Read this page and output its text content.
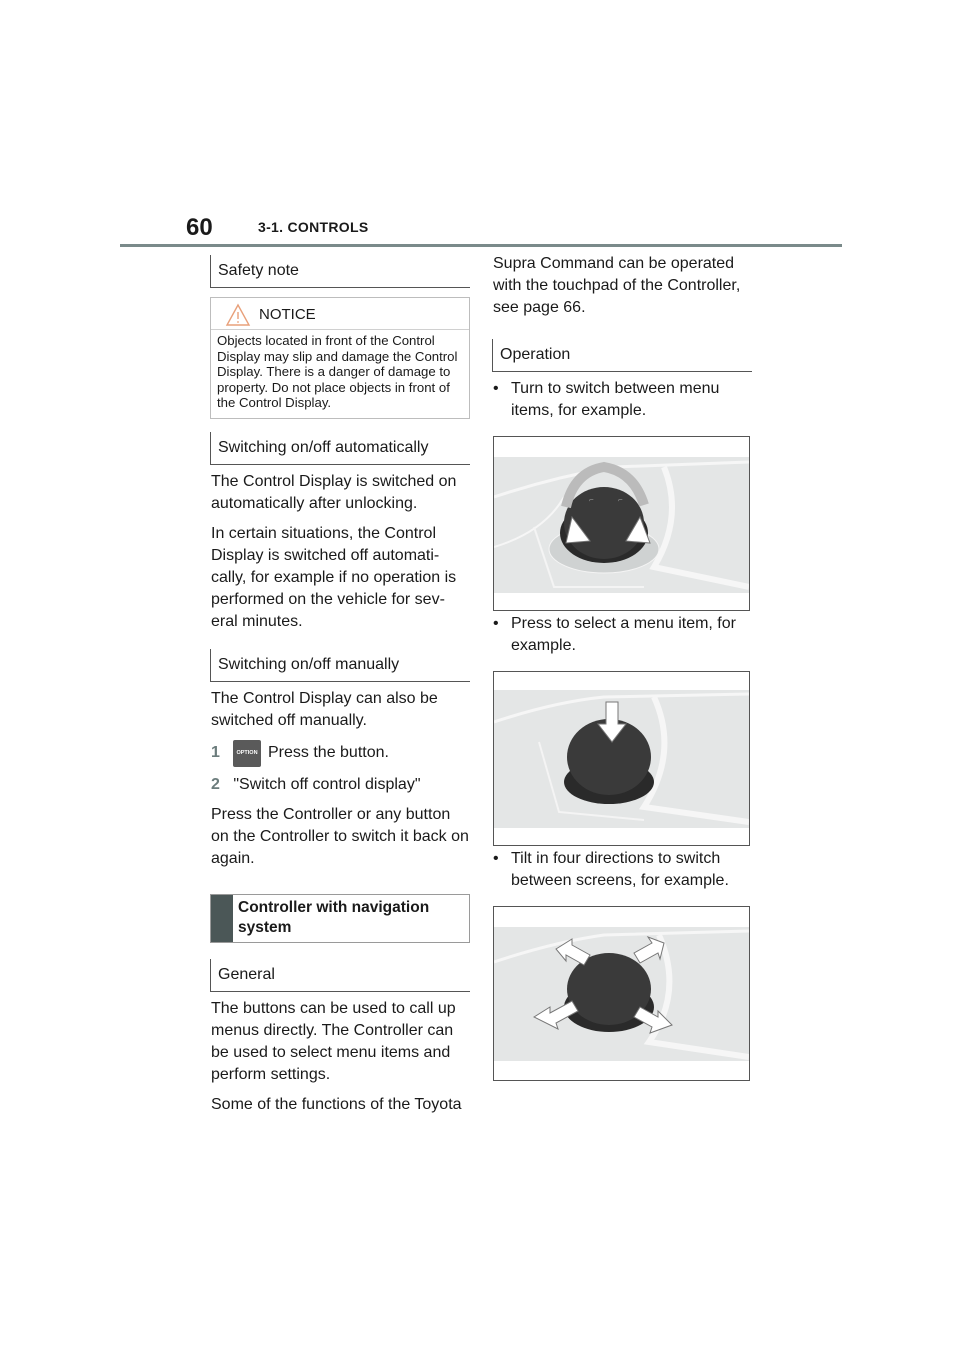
60	3-1. CONTROLS
Safety note
NOTICE
Objects located in front of the Control Display may slip and damage the Control Display. There is a danger of damage to property. Do not place objects in front of the Control Display.
Switching on/off automatically

The Control Display is switched on automatically after unlocking.

In certain situations, the Control Display is switched off automati-cally, for example if no operation is performed on the vehicle for sev-eral minutes.

Switching on/off manually

The Control Display can also be switched off manually.

1	OPTION Press the button.
2 "Switch off control display"

Press the Controller or any button on the Controller to switch it back on again.

Controller with navigation system
General

The buttons can be used to call up menus directly. The Controller can be used to select menu items and perform settings.

Some of the functions of the Toyota

Supra Command can be operated with the touchpad of the Controller, see page 66.

Operation
• Turn to switch between menu items, for example.
⌐	⌐
• Press to select a menu item, for example.
• Tilt in four directions to switch between screens, for example.
